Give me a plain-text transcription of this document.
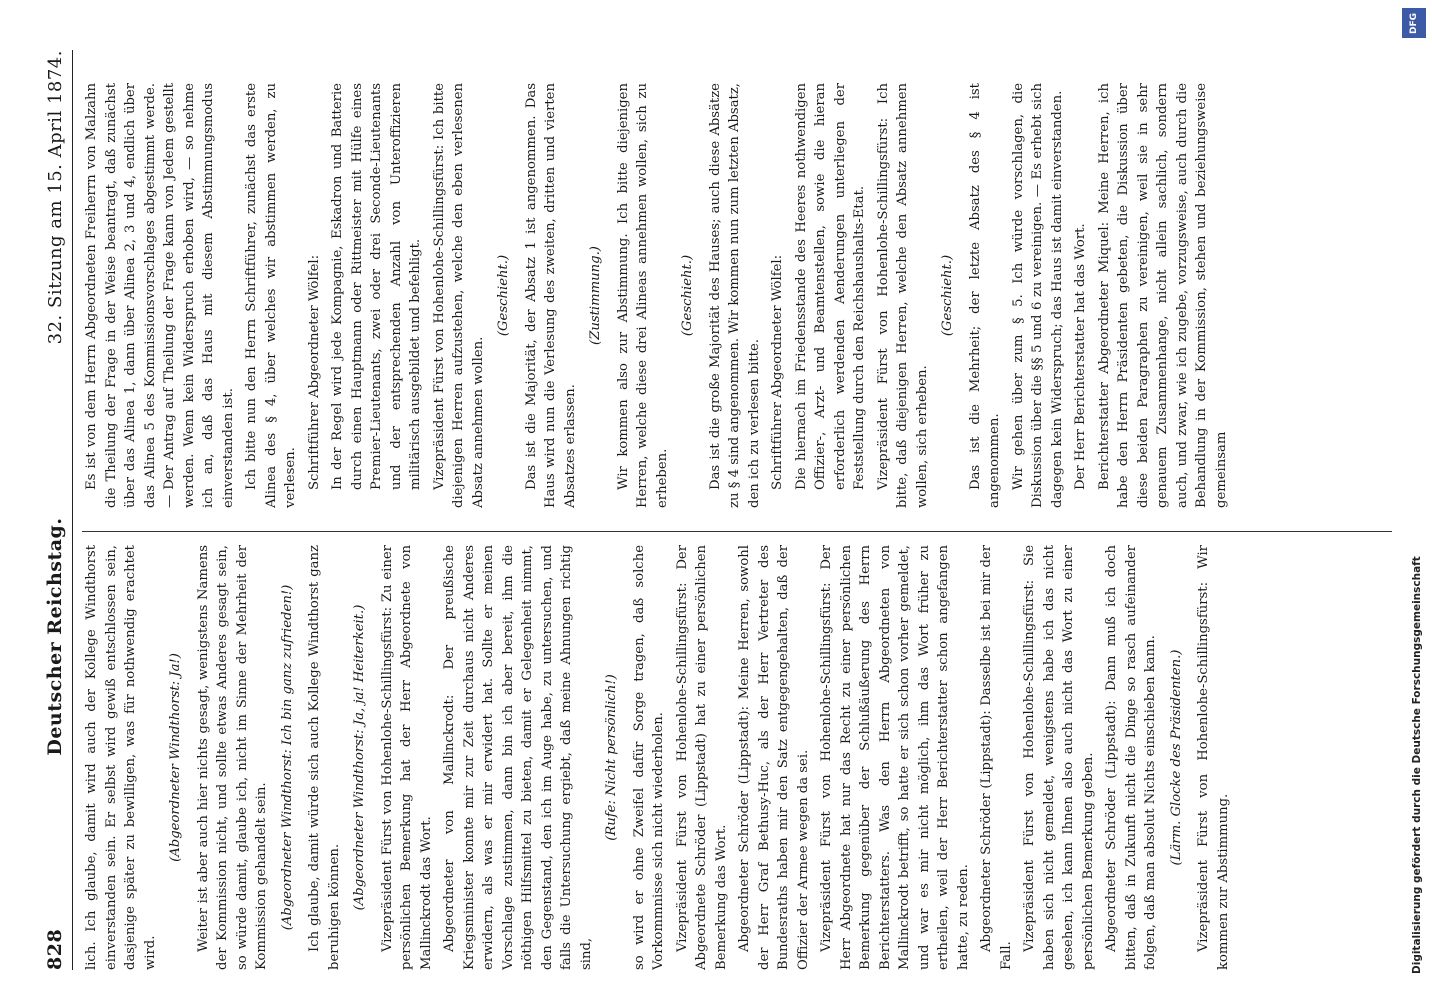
828
Deutscher Reichstag.
32. Sitzung am 15. April 1874.

lich. Ich glaube, damit wird auch der Kollege Windthorst einverstanden sein. Er selbst wird gewiß entschlossen sein, dasjenige später zu bewilligen, was für nothwendig erachtet wird.

(Abgeordneter Windthorst: Ja!) Weiter ist aber auch hier nichts gesagt, wenigstens Namens der Kommission nicht, und sollte etwas Anderes gesagt sein, so würde damit, glaube ich, nicht im Sinne der Mehrheit der Kommission gehandelt sein. (Abgeordneter Windthorst: Ich bin ganz zufrieden!) Ich glaube, damit würde sich auch Kollege Windthorst ganz beruhigen können. (Abgeordneter Windthorst: Ja, ja! Heiterkeit.) Vizepräsident Fürst von Hohenlohe-Schillingsfürst: Zu einer persönlichen Bemerkung hat der Herr Abgeordnete von Mallinckrodt das Wort. Abgeordneter von Mallinckrodt: Der preußische Kriegsminister konnte mir zur Zeit durchaus nicht Anderes erwidern, als was er mir erwidert hat. Sollte er meinen Vorschlage zustimmen, dann bin ich aber bereit, ihm die nöthigen Hilfsmittel zu bieten, damit er Gelegenheit nimmt, den Gegenstand, den ich im Auge habe, zu untersuchen, und falls die Untersuchung ergiebt, daß meine Ahnungen richtig sind,

(Rufe: Nicht persönlich!) so wird er ohne Zweifel dafür Sorge tragen, daß solche Vorkommnisse sich nicht wiederholen. Vizepräsident Fürst von Hohenlohe-Schillingsfürst: Der Abgeordnete Schröder (Lippstadt) hat zu einer persönlichen Bemerkung das Wort. Abgeordneter Schröder (Lippstadt): Meine Herren, sowohl der Herr Graf Bethusy-Huc, als der Herr Vertreter des Bundesraths haben mir den Satz entgegengehalten, daß der Offizier der Armee wegen da sei. Vizepräsident Fürst von Hohenlohe-Schillingsfürst: Der Herr Abgeordnete hat nur das Recht zu einer persönlichen Bemerkung gegenüber der Schlußäußerung des Herrn Berichterstatters. Was den Herrn Abgeordneten von Mallinckrodt betrifft, so hatte er sich schon vorher gemeldet, und war es mir nicht möglich, ihm das Wort früher zu ertheilen, weil der Herr Berichterstatter schon angefangen hatte, zu reden. Abgeordneter Schröder (Lippstadt): Dasselbe ist bei mir der Fall.

Vizepräsident Fürst von Hohenlohe-Schillingsfürst: Sie haben sich nicht gemeldet, wenigstens habe ich das nicht gesehen, ich kann Ihnen also auch nicht das Wort zu einer persönlichen Bemerkung geben. Abgeordneter Schröder (Lippstadt): Dann muß ich doch bitten, daß in Zukunft nicht die Dinge so rasch aufeinander folgen, daß man absolut Nichts einschieben kann. (Lärm. Glocke des Präsidenten.) Vizepräsident Fürst von Hohenlohe-Schillingsfürst: Wir kommen zur Abstimmung.

Es ist von dem Herrn Abgeordneten Freiherrn von Malzahn die Theilung der Frage in der Weise beantragt, daß zunächst über das Alinea 1, dann über Alinea 2, 3 und 4, endlich über das Alinea 5 des Kommissionsvorschlages abgestimmt werde. — Der Antrag auf Theilung der Frage kann von Jedem gestellt werden. Wenn kein Widerspruch erhoben wird, — so nehme ich an, daß das Haus mit diesem Abstimmungsmodus einverstanden ist. Ich bitte nun den Herrn Schriftführer, zunächst das erste Alinea des § 4, über welches wir abstimmen werden, zu verlesen. Schriftführer Abgeordneter Wölfel: In der Regel wird jede Kompagnie, Eskadron und Batterie durch einen Hauptmann oder Rittmeister mit Hülfe eines Premier-Lieutenants, zwei oder drei Seconde-Lieutenants und der entsprechenden Anzahl von Unteroffizieren militärisch ausgebildet und befehligt. Vizepräsident Fürst von Hohenlohe-Schillingsfürst: Ich bitte diejenigen Herren aufzustehen, welche den eben verlesenen Absatz annehmen wollen.

(Geschieht.) Das ist die Majorität, der Absatz 1 ist angenommen. Das Haus wird nun die Verlesung des zweiten, dritten und vierten Absatzes erlassen.

(Zustimmung.) Wir kommen also zur Abstimmung. Ich bitte diejenigen Herren, welche diese drei Alineas annehmen wollen, sich zu erheben.

(Geschieht.) Das ist die große Majorität des Hauses; auch diese Absätze zu § 4 sind angenommen. Wir kommen nun zum letzten Absatz, den ich zu verlesen bitte. Schriftführer Abgeordneter Wölfel: Die hiernach im Friedensstande des Heeres nothwendigen Offizier-, Arzt- und Beamtenstellen, sowie die hieran erforderlich werdenden Aenderungen unterliegen der Feststellung durch den Reichshaushalts-Etat. Vizepräsident Fürst von Hohenlohe-Schillingsfürst: Ich bitte, daß diejenigen Herren, welche den Absatz annehmen wollen, sich erheben.

(Geschieht.) Das ist die Mehrheit; der letzte Absatz des § 4 ist angenommen. Wir gehen über zum § 5. Ich würde vorschlagen, die Diskussion über die §§ 5 und 6 zu vereinigen. — Es erhebt sich dagegen kein Widerspruch; das Haus ist damit einverstanden. Der Herr Berichterstatter hat das Wort. Berichterstatter Abgeordneter Miquel: Meine Herren, ich habe den Herrn Präsidenten gebeten, die Diskussion über diese beiden Paragraphen zu vereinigen, weil sie in sehr genauem Zusammenhange, nicht allein sachlich, sondern auch, und zwar, wie ich zugebe, vorzugsweise, auch durch die Behandlung in der Kommission, stehen und beziehungsweise gemeinsam

DFG
Digitalisierung gefördert durch die Deutsche Forschungsgemeinschaft
